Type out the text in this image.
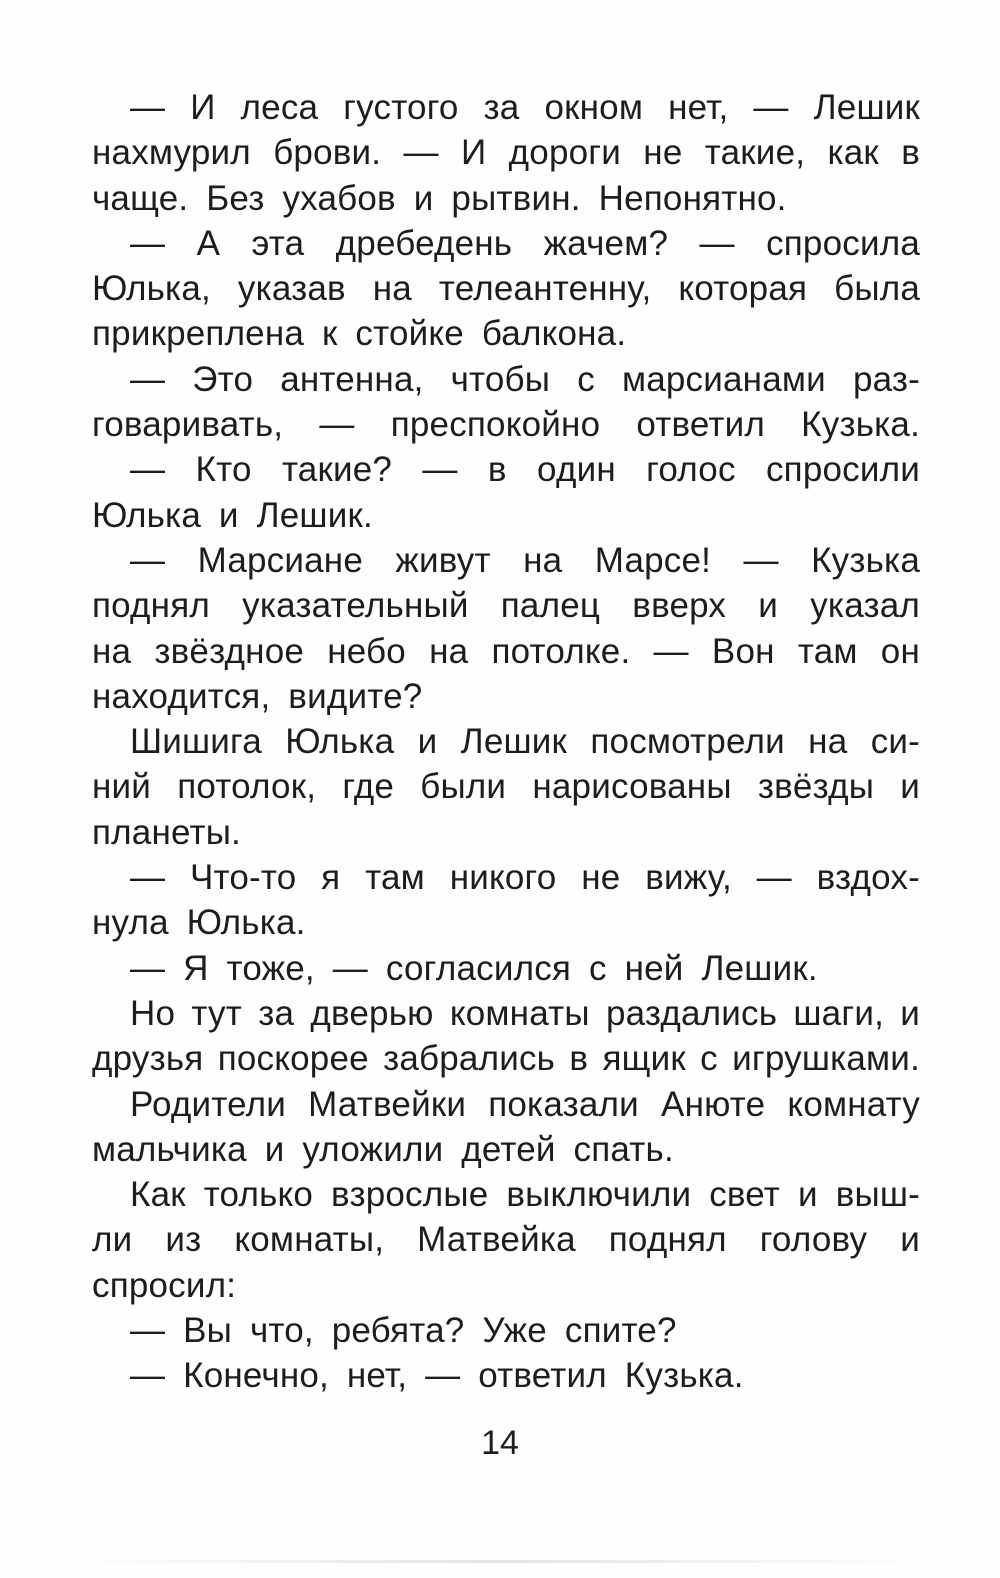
— И леса густого за окном нет, — Лешик
нахмурил брови. — И дороги не такие, как в
чаще. Без ухабов и рытвин. Непонятно.
— А эта дребедень жачем? — спросила
Юлька, указав на телеантенну, которая была
прикреплена к стойке балкона.
— Это антенна, чтобы с марсианами раз-
говаривать, — преспокойно ответил Кузька.
— Кто такие? — в один голос спросили
Юлька и Лешик.
— Марсиане живут на Марсе! — Кузька
поднял указательный палец вверх и указал
на звёздное небо на потолке. — Вон там он
находится, видите?
Шишига Юлька и Лешик посмотрели на си-
ний потолок, где были нарисованы звёзды и
планеты.
— Что-то я там никого не вижу, — вздох-
нула Юлька.
— Я тоже, — согласился с ней Лешик.
Но тут за дверью комнаты раздались шаги, и
друзья поскорее забрались в ящик с игрушками.
Родители Матвейки показали Анюте комнату
мальчика и уложили детей спать.
Как только взрослые выключили свет и выш-
ли из комнаты, Матвейка поднял голову и
спросил:
— Вы что, ребята? Уже спите?
— Конечно, нет, — ответил Кузька.
14
